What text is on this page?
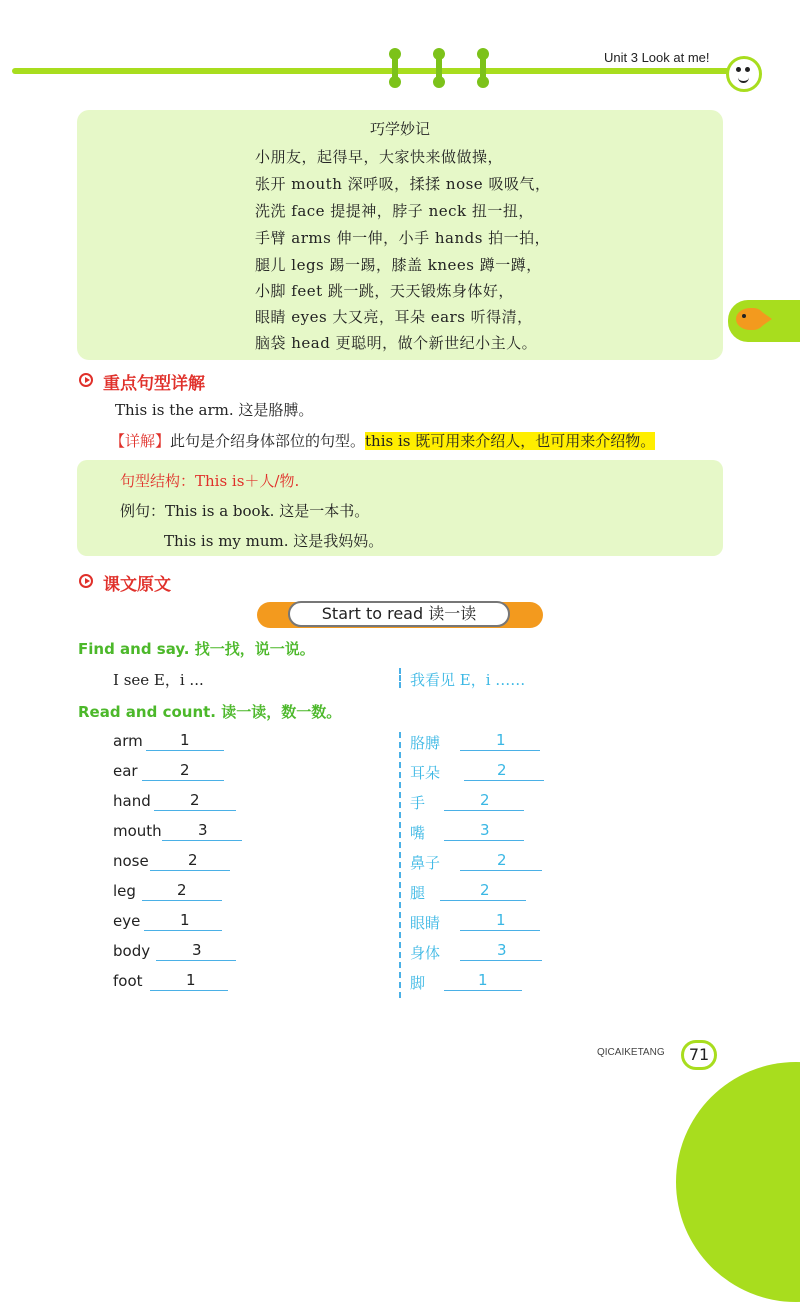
Unit 3 Look at me!
巧学妙记
小朋友，起得早，大家快来做做操，
张开 mouth 深呼吸，揉揉 nose 吸吸气，
洗洗 face 提提神，脖子 neck 扭一扭，
手臂 arms 伸一伸，小手 hands 拍一拍，
腿儿 legs 踢一踢，膝盖 knees 蹲一蹲，
小脚 feet 跳一跳，天天锻炼身体好，
眼睛 eyes 大又亮，耳朵 ears 听得清，
脑袋 head 更聪明，做个新世纪小主人。
重点句型详解
This is the arm. 这是胳膊。
【详解】此句是介绍身体部位的句型。this is 既可用来介绍人，也可用来介绍物。
句型结构：This is＋人/物.
例句：This is a book. 这是一本书。
This is my mum. 这是我妈妈。
课文原文
Start to read 读一读
Find and say. 找一找，说一说。
I see E，i ...	我看见 E，i ……
Read and count. 读一读，数一数。
arm 1	胳膊	1
ear	2	耳朵	2
hand	2	手	2
mouth 3	嘴	3
nose	2	鼻子	2
leg	2	腿	2
eye	1	眼睛	1
body	3	身体	3
foot	1	脚	1
QICAIKETANG	71
